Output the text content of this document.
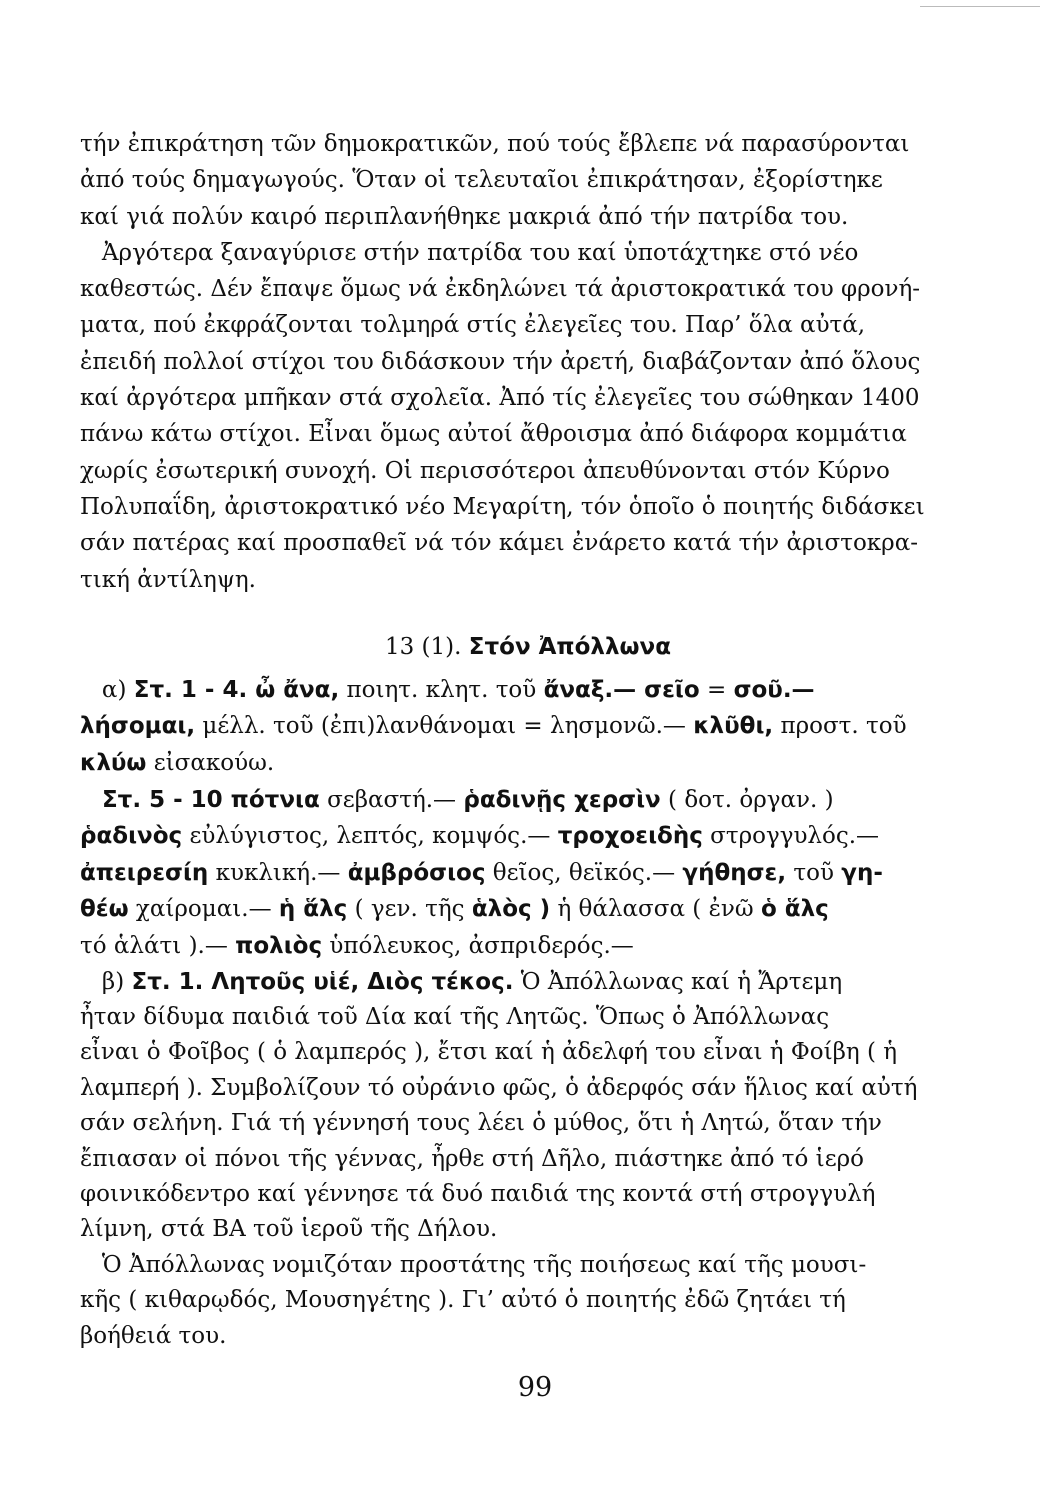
τήν ἐπικράτηση τῶν δημοκρατικῶν, πού τούς ἔβλεπε νά παρασύρονται
ἀπό τούς δημαγωγούς. Ὅταν οἱ τελευταῖοι ἐπικράτησαν, ἐξορίστηκε
καί γιά πολύν καιρό περιπλανήθηκε μακριά ἀπό τήν πατρίδα του.
Ἀργότερα ξαναγύρισε στήν πατρίδα του καί ὑποτάχτηκε στό νέο
καθεστώς. Δέν ἔπαψε ὅμως νά ἐκδηλώνει τά ἀριστοκρατικά του φρονή-
ματα, πού ἐκφράζονται τολμηρά στίς ἐλεγεῖες του. Παρ’ ὅλα αὐτά,
ἐπειδή πολλοί στίχοι του διδάσκουν τήν ἀρετή, διαβάζονταν ἀπό ὅλους
καί ἀργότερα μπῆκαν στά σχολεῖα. Ἀπό τίς ἐλεγεῖες του σώθηκαν 1400
πάνω κάτω στίχοι. Εἶναι ὅμως αὐτοί ἄθροισμα ἀπό διάφορα κομμάτια
χωρίς ἐσωτερική συνοχή. Οἱ περισσότεροι ἀπευθύνονται στόν Κύρνο
Πολυπαΐδη, ἀριστοκρατικό νέο Μεγαρίτη, τόν ὁποῖο ὁ ποιητής διδάσκει
σάν πατέρας καί προσπαθεῖ νά τόν κάμει ἐνάρετο κατά τήν ἀριστοκρα-
τική ἀντίληψη.
13 (1). Στόν Ἀπόλλωνα
α) Στ. 1 - 4. ὦ ἄνα, ποιητ. κλητ. τοῦ ἄναξ.— σεῖο = σοῦ.—
λήσομαι, μέλλ. τοῦ (ἐπι)λανθάνομαι = λησμονῶ.— κλῦθι, προστ. τοῦ
κλύω εἰσακούω.
Στ. 5 - 10 πότνια σεβαστή.— ῥαδινῇς χερσὶν ( δοτ. ὀργαν. )
ῥαδινὸς εὐλύγιστος, λεπτός, κομψός.— τροχοειδὴς στρογγυλός.—
ἀπειρεσίη κυκλική.— ἀμβρόσιος θεῖος, θεϊκός.— γήθησε, τοῦ γη-
θέω χαίρομαι.— ἡ ἅλς ( γεν. τῆς ἁλὸς ) ἡ θάλασσα ( ἐνῶ ὁ ἅλς
τό ἁλάτι ).— πολιὸς ὑπόλευκος, ἀσπριδερός.—
β) Στ. 1. Λητοῦς υἱέ, Διὸς τέκος. Ὁ Ἀπόλλωνας καί ἡ Ἄρτεμη
ἦταν δίδυμα παιδιά τοῦ Δία καί τῆς Λητῶς. Ὅπως ὁ Ἀπόλλωνας
εἶναι ὁ Φοῖβος ( ὁ λαμπερός ), ἔτσι καί ἡ ἀδελφή του εἶναι ἡ Φοίβη ( ἡ
λαμπερή ). Συμβολίζουν τό οὐράνιο φῶς, ὁ ἀδερφός σάν ἥλιος καί αὐτή
σάν σελήνη. Γιά τή γέννησή τους λέει ὁ μύθος, ὅτι ἡ Λητώ, ὅταν τήν
ἔπιασαν οἱ πόνοι τῆς γέννας, ἦρθε στή Δῆλο, πιάστηκε ἀπό τό ἱερό
φοινικόδεντρο καί γέννησε τά δυό παιδιά της κοντά στή στρογγυλή
λίμνη, στά ΒΑ τοῦ ἱεροῦ τῆς Δήλου.
Ὁ Ἀπόλλωνας νομιζόταν προστάτης τῆς ποιήσεως καί τῆς μουσι-
κῆς ( κιθαρῳδός, Μουσηγέτης ). Γι’ αὐτό ὁ ποιητής ἐδῶ ζητάει τή
βοήθειά του.
99
